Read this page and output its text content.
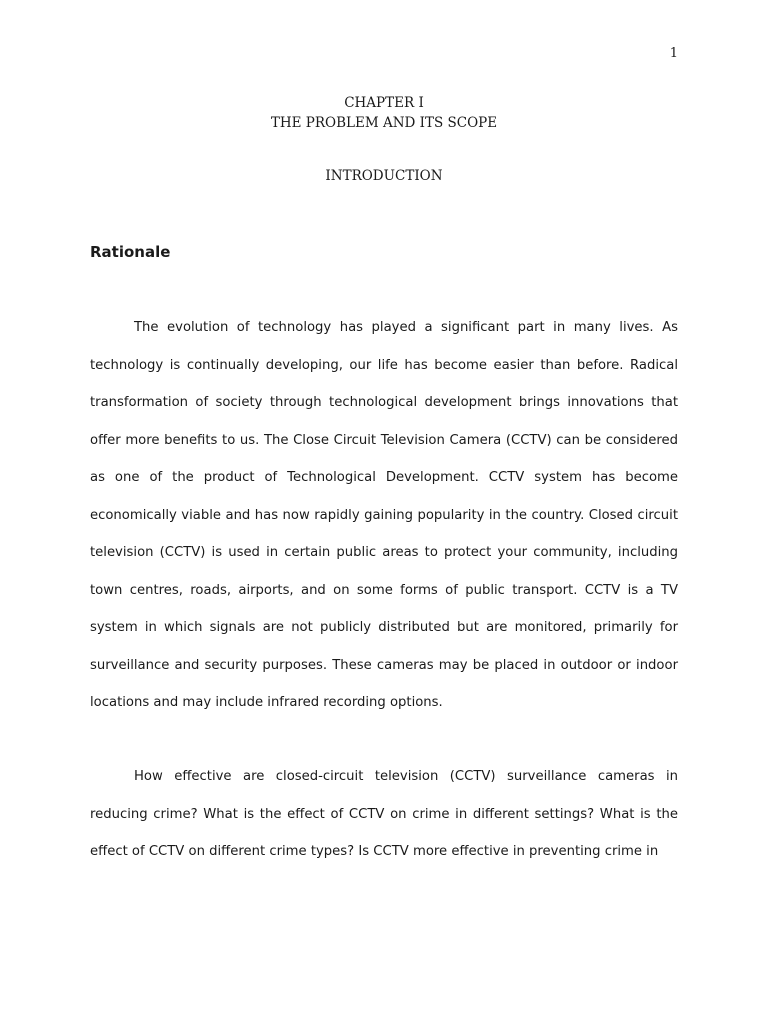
1
CHAPTER I
THE PROBLEM AND ITS SCOPE
INTRODUCTION
Rationale

The evolution of technology has played a significant part in many lives. As technology is continually developing, our life has become easier than before. Radical transformation of society through technological development brings innovations that offer more benefits to us. The Close Circuit Television Camera (CCTV) can be considered as one of the product of Technological Development. CCTV system has become economically viable and has now rapidly gaining popularity in the country. Closed circuit television (CCTV) is used in certain public areas to protect your community, including town centres, roads, airports, and on some forms of public transport. CCTV is a TV system in which signals are not publicly distributed but are monitored, primarily for surveillance and security purposes. These cameras may be placed in outdoor or indoor locations and may include infrared recording options.

How effective are closed-circuit television (CCTV) surveillance cameras in reducing crime? What is the effect of CCTV on crime in different settings? What is the effect of CCTV on different crime types? Is CCTV more effective in preventing crime in
